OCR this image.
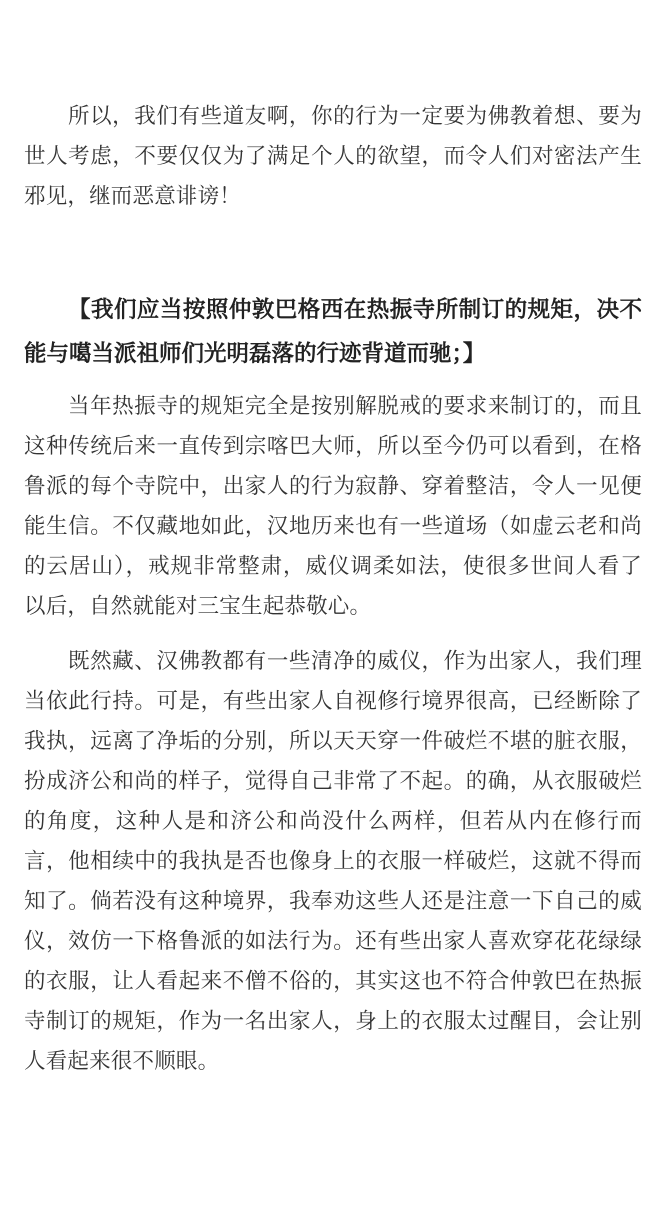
所以，我们有些道友啊，你的行为一定要为佛教着想、要为世人考虑，不要仅仅为了满足个人的欲望，而令人们对密法产生邪见，继而恶意诽谤！

【我们应当按照仲敦巴格西在热振寺所制订的规矩，决不能与噶当派祖师们光明磊落的行迹背道而驰；】

当年热振寺的规矩完全是按别解脱戒的要求来制订的，而且这种传统后来一直传到宗喀巴大师，所以至今仍可以看到，在格鲁派的每个寺院中，出家人的行为寂静、穿着整洁，令人一见便能生信。不仅藏地如此，汉地历来也有一些道场（如虚云老和尚的云居山），戒规非常整肃，威仪调柔如法，使很多世间人看了以后，自然就能对三宝生起恭敬心。

既然藏、汉佛教都有一些清净的威仪，作为出家人，我们理当依此行持。可是，有些出家人自视修行境界很高，已经断除了我执，远离了净垢的分别，所以天天穿一件破烂不堪的脏衣服，扮成济公和尚的样子，觉得自己非常了不起。的确，从衣服破烂的角度，这种人是和济公和尚没什么两样，但若从内在修行而言，他相续中的我执是否也像身上的衣服一样破烂，这就不得而知了。倘若没有这种境界，我奉劝这些人还是注意一下自己的威仪，效仿一下格鲁派的如法行为。还有些出家人喜欢穿花花绿绿的衣服，让人看起来不僧不俗的，其实这也不符合仲敦巴在热振寺制订的规矩，作为一名出家人，身上的衣服太过醒目，会让别人看起来很不顺眼。
